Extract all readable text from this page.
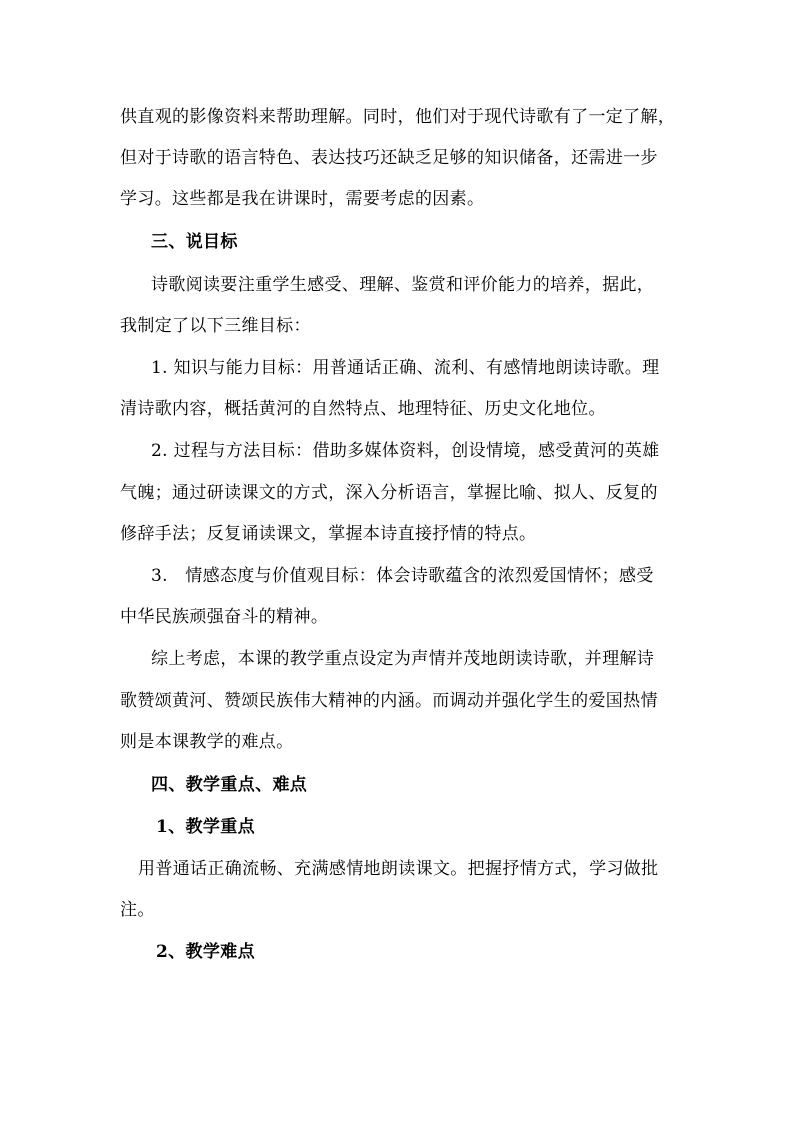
供直观的影像资料来帮助理解。同时，他们对于现代诗歌有了一定了解，
但对于诗歌的语言特色、表达技巧还缺乏足够的知识储备，还需进一步
学习。这些都是我在讲课时，需要考虑的因素。
三、说目标
诗歌阅读要注重学生感受、理解、鉴赏和评价能力的培养，据此，
我制定了以下三维目标：
1. 知识与能力目标：用普通话正确、流利、有感情地朗读诗歌。理
清诗歌内容，概括黄河的自然特点、地理特征、历史文化地位。
2. 过程与方法目标：借助多媒体资料，创设情境，感受黄河的英雄
气魄；通过研读课文的方式，深入分析语言，掌握比喻、拟人、反复的
修辞手法；反复诵读课文，掌握本诗直接抒情的特点。
3.　情感态度与价值观目标：体会诗歌蕴含的浓烈爱国情怀；感受
中华民族顽强奋斗的精神。
综上考虑，本课的教学重点设定为声情并茂地朗读诗歌，并理解诗
歌赞颂黄河、赞颂民族伟大精神的内涵。而调动并强化学生的爱国热情
则是本课教学的难点。
四、教学重点、难点
1、教学重点
用普通话正确流畅、充满感情地朗读课文。把握抒情方式，学习做批
注。
2、教学难点
